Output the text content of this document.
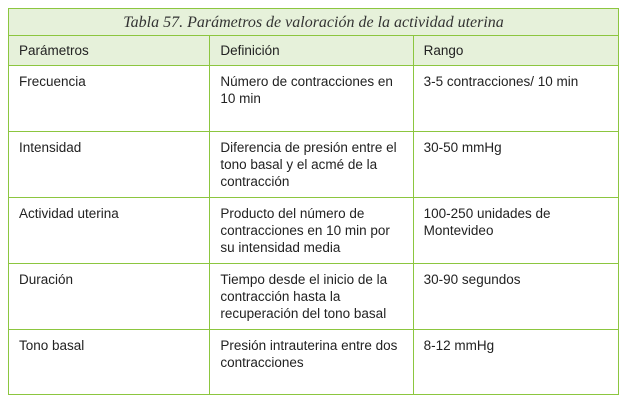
Tabla 57. Parámetros de valoración de la actividad uterina		
Parámetros	Definición	Rango
Frecuencia	Número de contracciones en 10 min	3-5 contracciones/ 10 min
Intensidad	Diferencia de presión entre el tono basal y el acmé de la contracción	30-50 mmHg
Actividad uterina	Producto del número de contracciones en 10 min por su intensidad media	100-250 unidades de Montevideo
Duración	Tiempo desde el inicio de la contracción hasta la recuperación del tono basal	30-90 segundos
Tono basal	Presión intrauterina entre dos contracciones	8-12 mmHg
